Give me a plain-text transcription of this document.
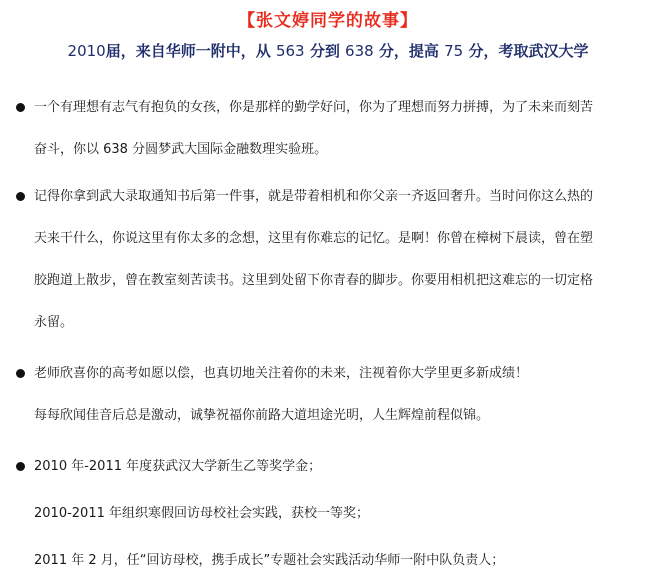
【张文婷同学的故事】
2010届，来自华师一附中，从 563 分到 638 分，提高 75 分，考取武汉大学
一个有理想有志气有抱负的女孩，你是那样的勤学好问，你为了理想而努力拼搏，为了未来而刻苦
奋斗，你以 638 分圆梦武大国际金融数理实验班。
记得你拿到武大录取通知书后第一件事，就是带着相机和你父亲一齐返回奢升。当时问你这么热的
天来干什么，你说这里有你太多的念想，这里有你难忘的记忆。是啊！你曾在樟树下晨读，曾在塑
胶跑道上散步，曾在教室刻苦读书。这里到处留下你青春的脚步。你要用相机把这难忘的一切定格
永留。
老师欣喜你的高考如愿以偿，也真切地关注着你的未来，注视着你大学里更多新成绩！
每每欣闻佳音后总是激动，诚挚祝福你前路大道坦途光明，人生辉煌前程似锦。
2010 年-2011 年度获武汉大学新生乙等奖学金；
2010-2011 年组织寒假回访母校社会实践，获校一等奖；
2011 年 2 月，任“回访母校，携手成长”专题社会实践活动华师一附中队负责人；
